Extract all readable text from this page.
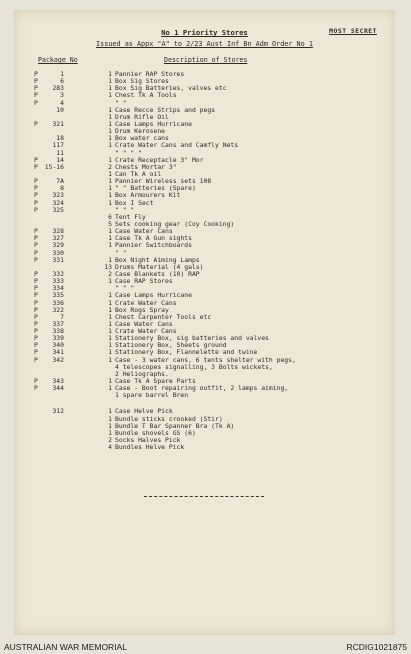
No 1 Priority Stores	MOST SECRET
Issued as Appx "A" to 2/23 Aust Inf Bn Adm Order No 1
Package No	Description of Stores
P	1	1 Pannier RAP Stores
P	6	1 Box Sig Stores
P	283	1 Box Sig Batteries, valves etc
P	3	1 Chest Tk A Tools
P	4	" "
10	1 Case Recce Strips and pegs
1 Drum Rifle Oil
P	321	1 Case Lamps Hurricane
1 Drum Kerosene
18	1 Box water cans
117	1 Crate Water Cans and Camfly Nets
11	" " " "
P	14	1 Crate Receptacle 3" Mor
P	15-16	2 Chests Mortar 3"
1 Can Tk A oil
P	7A	1 Pannier Wireless sets 108
P	8	1 " " Batteries (Spare)
P	323	1 Box Armourers Kit
P	324	1 Box I Sect
P	325	" " "
6 Tent Fly
5 Sets cooking gear (Coy Cooking)
P	328	1 Case Water Cans
P	327	1 Case Tk A Gun sights
P	329	1 Pannier Switchboards
P	330	" "
P	331	1 Box Night Aiming Lamps
13 Drums Material (4 gals)
P	332	2 Case Blankets (10) RAP
P	333	1 Case RAP Stores
P	334	" " "
P	335	1 Case Lamps Hurricane
P	336	1 Crate Water Cans
P	322	1 Box Rogs Spray
P	7	1 Chest Carpenter Tools etc
P	337	1 Case Water Cans
P	338	1 Crate Water Cans
P	339	1 Stationery Box, sig batteries and valves
P	340	1 Stationery Box, Sheets ground
P	341	1 Stationery Box, Flannelette and twine
P	342	1 Case - 3 water cans, 6 tents shelter with pegs,
4 telescopes signalling, 3 Bolts wickets,
2 Heliographs.
P	343	1 Case Tk A Spare Parts
P	344	1 Case - Boot repairing outfit, 2 lamps aiming,
1 spare barrel Bren
312	1 Case Helve Pick
1 Bundle sticks crooked (Stir)
1 Bundle T Bar Spanner Bra (Tk A)
1 Bundle shovels GS (6)
2 Socks Halves Pick
4 Bundles Helve Pick
AUSTRALIAN WAR MEMORIAL	RCDIG1021875
